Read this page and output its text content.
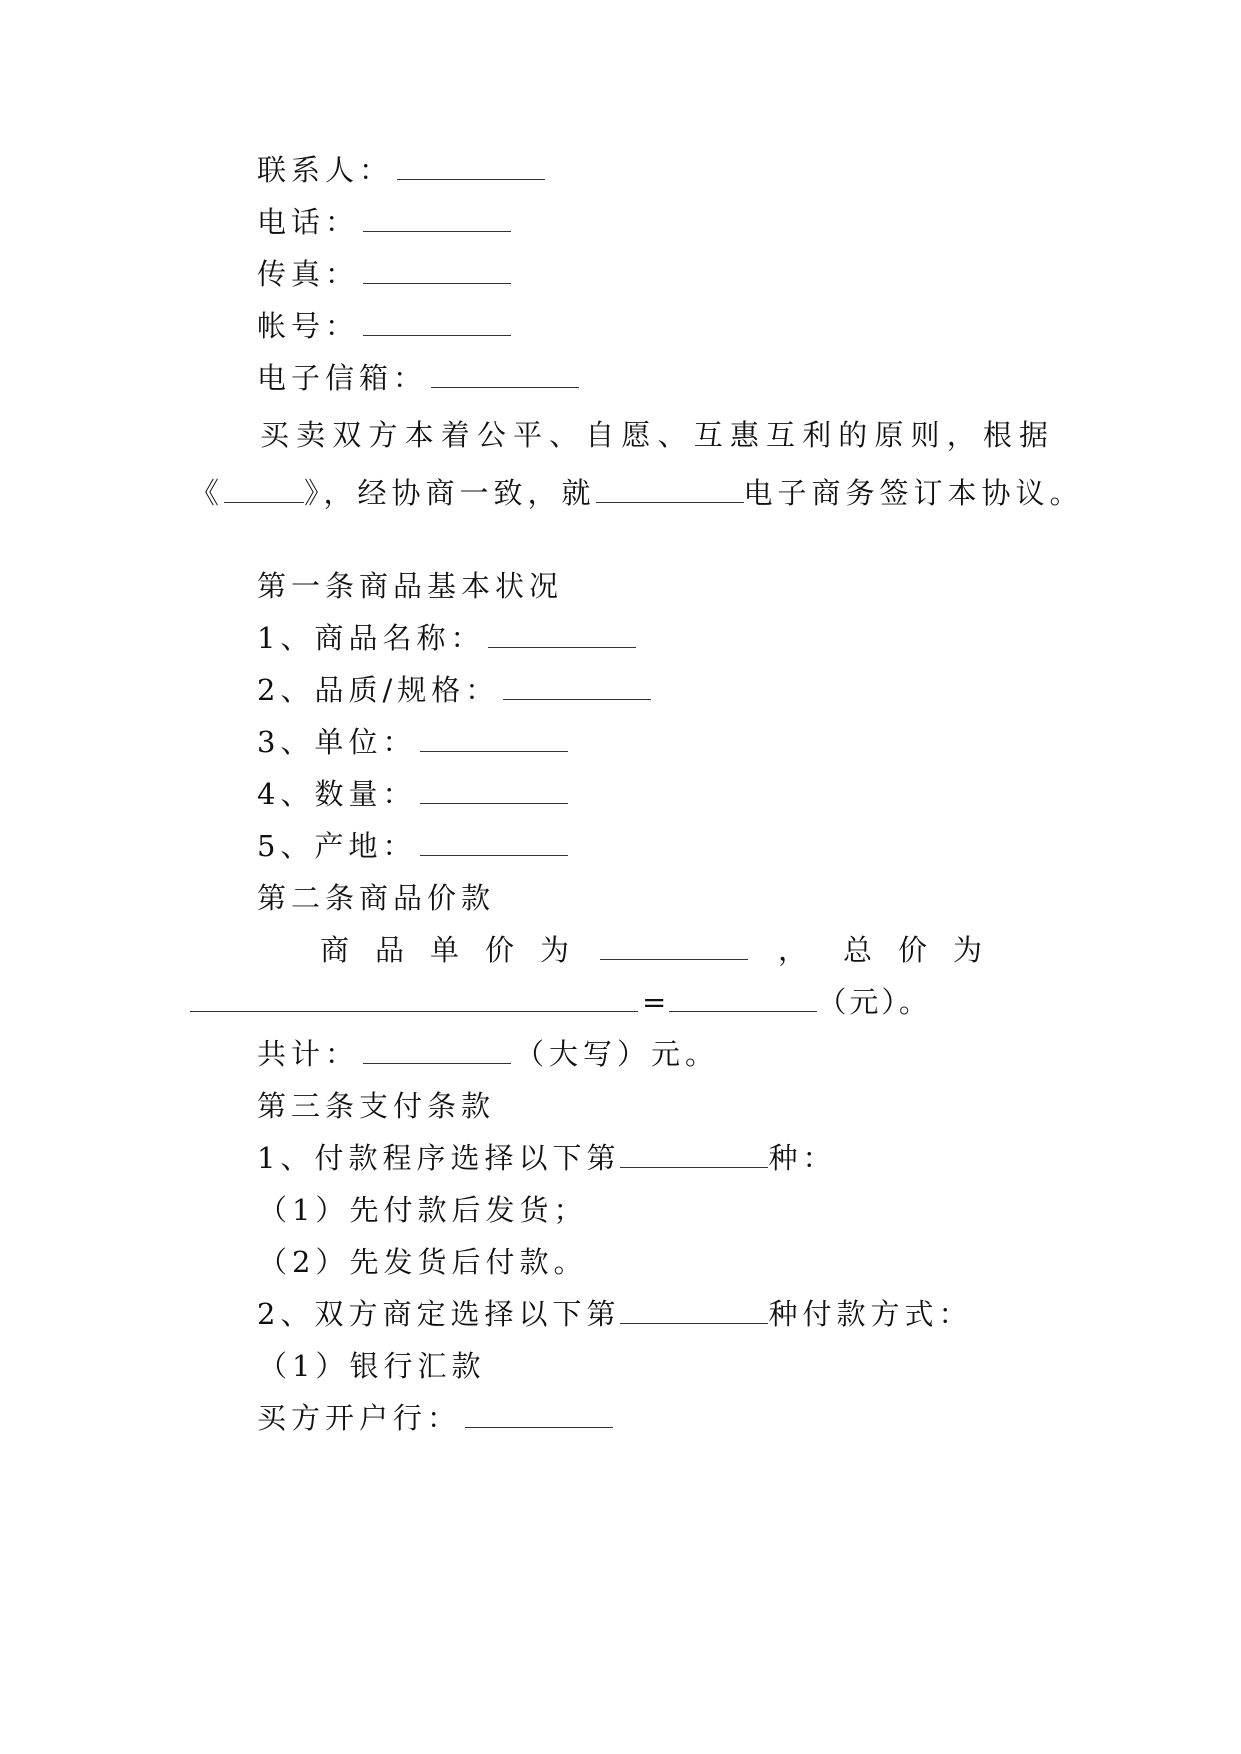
联系人：
电话：
传真：
帐号：
电子信箱：
买卖双方本着公平、自愿、互惠互利的原则，根据
《	》，经协商一致，就	电子商务签订本协议。
第一条商品基本状况
1、商品名称：
2、品质/规格：
3、单位：
4、数量：
5、产地：
第二条商品价款
商 品 单 价 为	， 总 价 为
=	（元）。
共计：	（大写）元。
第三条支付条款
1、付款程序选择以下第	种：
（1）先付款后发货；
（2）先发货后付款。
2、双方商定选择以下第	种付款方式：
（1）银行汇款
买方开户行：
